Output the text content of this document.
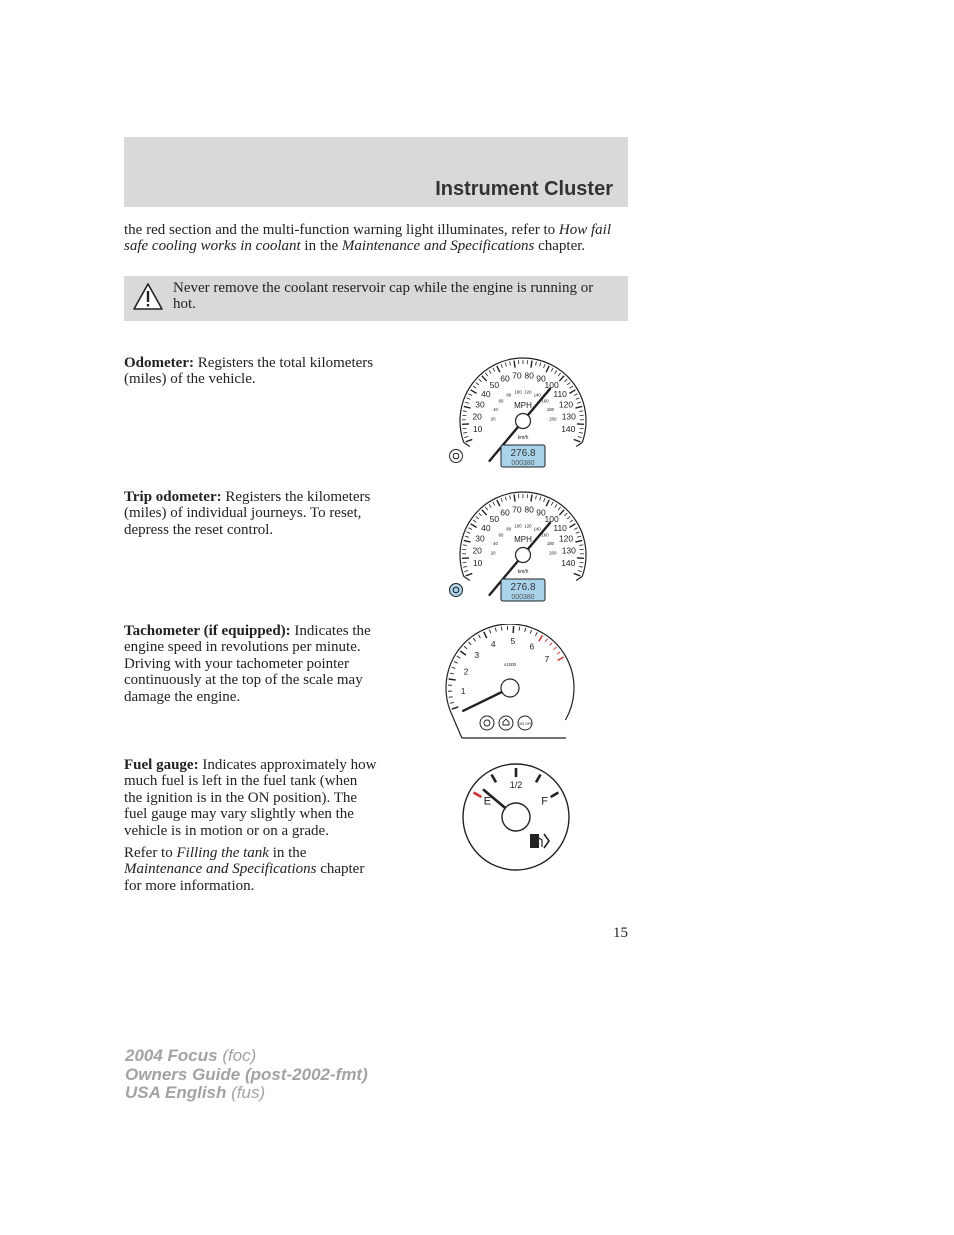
Instrument Cluster
the red section and the multi-function warning light illuminates, refer to How fail safe cooling works in coolant in the Maintenance and Specifications chapter.
Never remove the coolant reservoir cap while the engine is running or hot.
Odometer: Registers the total kilometers (miles) of the vehicle.
Trip odometer: Registers the kilometers (miles) of individual journeys. To reset, depress the reset control.
Tachometer (if equipped): Indicates the engine speed in revolutions per minute. Driving with your tachometer pointer continuously at the top of the scale may damage the engine.

Fuel gauge: Indicates approximately how much fuel is left in the fuel tank (when the ignition is in the ON position). The fuel gauge may vary slightly when the vehicle is in motion or on a grade.

Refer to Filling the tank in the Maintenance and Specifications chapter for more information.

10
20
30
40
50
60 70 80 90
100
110
120
130
140
20
40
60
80
100 120
140
160
180
200
MPH
km/h
276.8
000380
10
20
30
40
50
60 70 80 90
100
110
120
130
140
20
40
60
80
100 120
140
160
180
200
MPH
km/h
276.8
000380
1
2
3
4 5
6
7
x1000
O/D OFF
E
1/2
F
15
2004 Focus (foc)
Owners Guide (post-2002-fmt)
USA English (fus)
